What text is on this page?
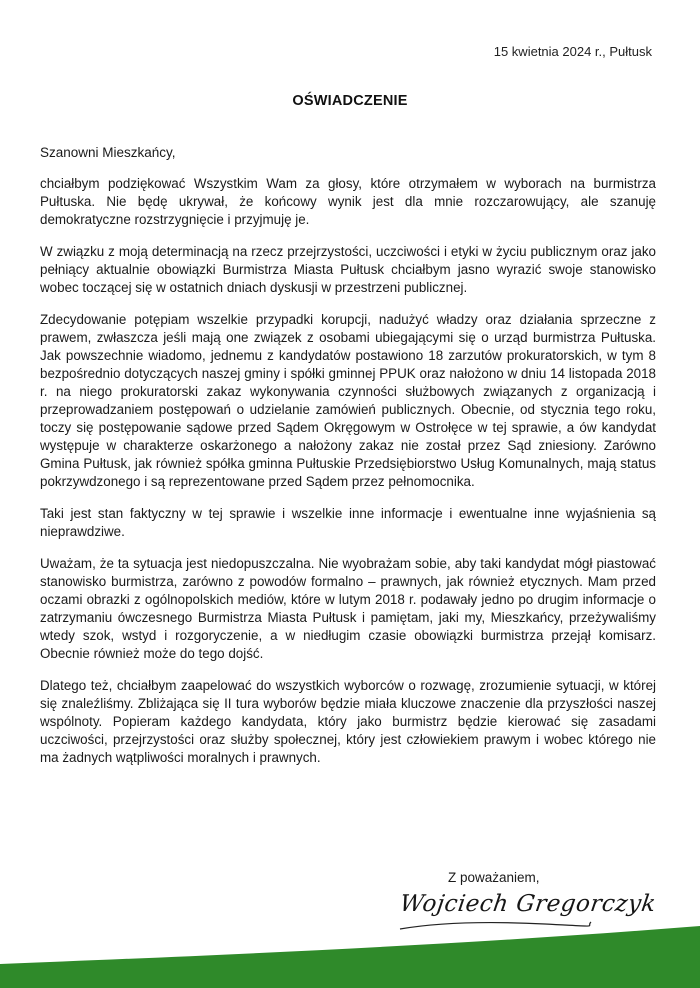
15 kwietnia 2024 r., Pułtusk
OŚWIADCZENIE
Szanowni Mieszkańcy,

chciałbym podziękować Wszystkim Wam za głosy, które otrzymałem w wyborach na burmistrza Pułtuska. Nie będę ukrywał, że końcowy wynik jest dla mnie rozczarowujący, ale szanuję demokratyczne rozstrzygnięcie i przyjmuję je.

W związku z moją determinacją na rzecz przejrzystości, uczciwości i etyki w życiu publicznym oraz jako pełniący aktualnie obowiązki Burmistrza Miasta Pułtusk chciałbym jasno wyrazić swoje stanowisko wobec toczącej się w ostatnich dniach dyskusji w przestrzeni publicznej.

Zdecydowanie potępiam wszelkie przypadki korupcji, nadużyć władzy oraz działania sprzeczne z prawem, zwłaszcza jeśli mają one związek z osobami ubiegającymi się o urząd burmistrza Pułtuska. Jak powszechnie wiadomo, jednemu z kandydatów postawiono 18 zarzutów prokuratorskich, w tym 8 bezpośrednio dotyczących naszej gminy i spółki gminnej PPUK oraz nałożono w dniu 14 listopada 2018 r. na niego prokuratorski zakaz wykonywania czynności służbowych związanych z organizacją i przeprowadzaniem postępowań o udzielanie zamówień publicznych. Obecnie, od stycznia tego roku, toczy się postępowanie sądowe przed Sądem Okręgowym w Ostrołęce w tej sprawie, a ów kandydat występuje w charakterze oskarżonego a nałożony zakaz nie został przez Sąd zniesiony. Zarówno Gmina Pułtusk, jak również spółka gminna Pułtuskie Przedsiębiorstwo Usług Komunalnych, mają status pokrzywdzonego i są reprezentowane przed Sądem przez pełnomocnika.

Taki jest stan faktyczny w tej sprawie i wszelkie inne informacje i ewentualne inne wyjaśnienia są nieprawdziwe.

Uważam, że ta sytuacja jest niedopuszczalna. Nie wyobrażam sobie, aby taki kandydat mógł piastować stanowisko burmistrza, zarówno z powodów formalno – prawnych, jak również etycznych. Mam przed oczami obrazki z ogólnopolskich mediów, które w lutym 2018 r. podawały jedno po drugim informacje o zatrzymaniu ówczesnego Burmistrza Miasta Pułtusk i pamiętam, jaki my, Mieszkańcy, przeżywaliśmy wtedy szok, wstyd i rozgoryczenie, a w niedługim czasie obowiązki burmistrza przejął komisarz. Obecnie również może do tego dojść.

Dlatego też, chciałbym zaapelować do wszystkich wyborców o rozwagę, zrozumienie sytuacji, w której się znaleźliśmy. Zbliżająca się II tura wyborów będzie miała kluczowe znaczenie dla przyszłości naszej wspólnoty. Popieram każdego kandydata, który jako burmistrz będzie kierować się zasadami uczciwości, przejrzystości oraz służby społecznej, który jest człowiekiem prawym i wobec którego nie ma żadnych wątpliwości moralnych i prawnych.

Z poważaniem,
Wojciech Gregorczyk
